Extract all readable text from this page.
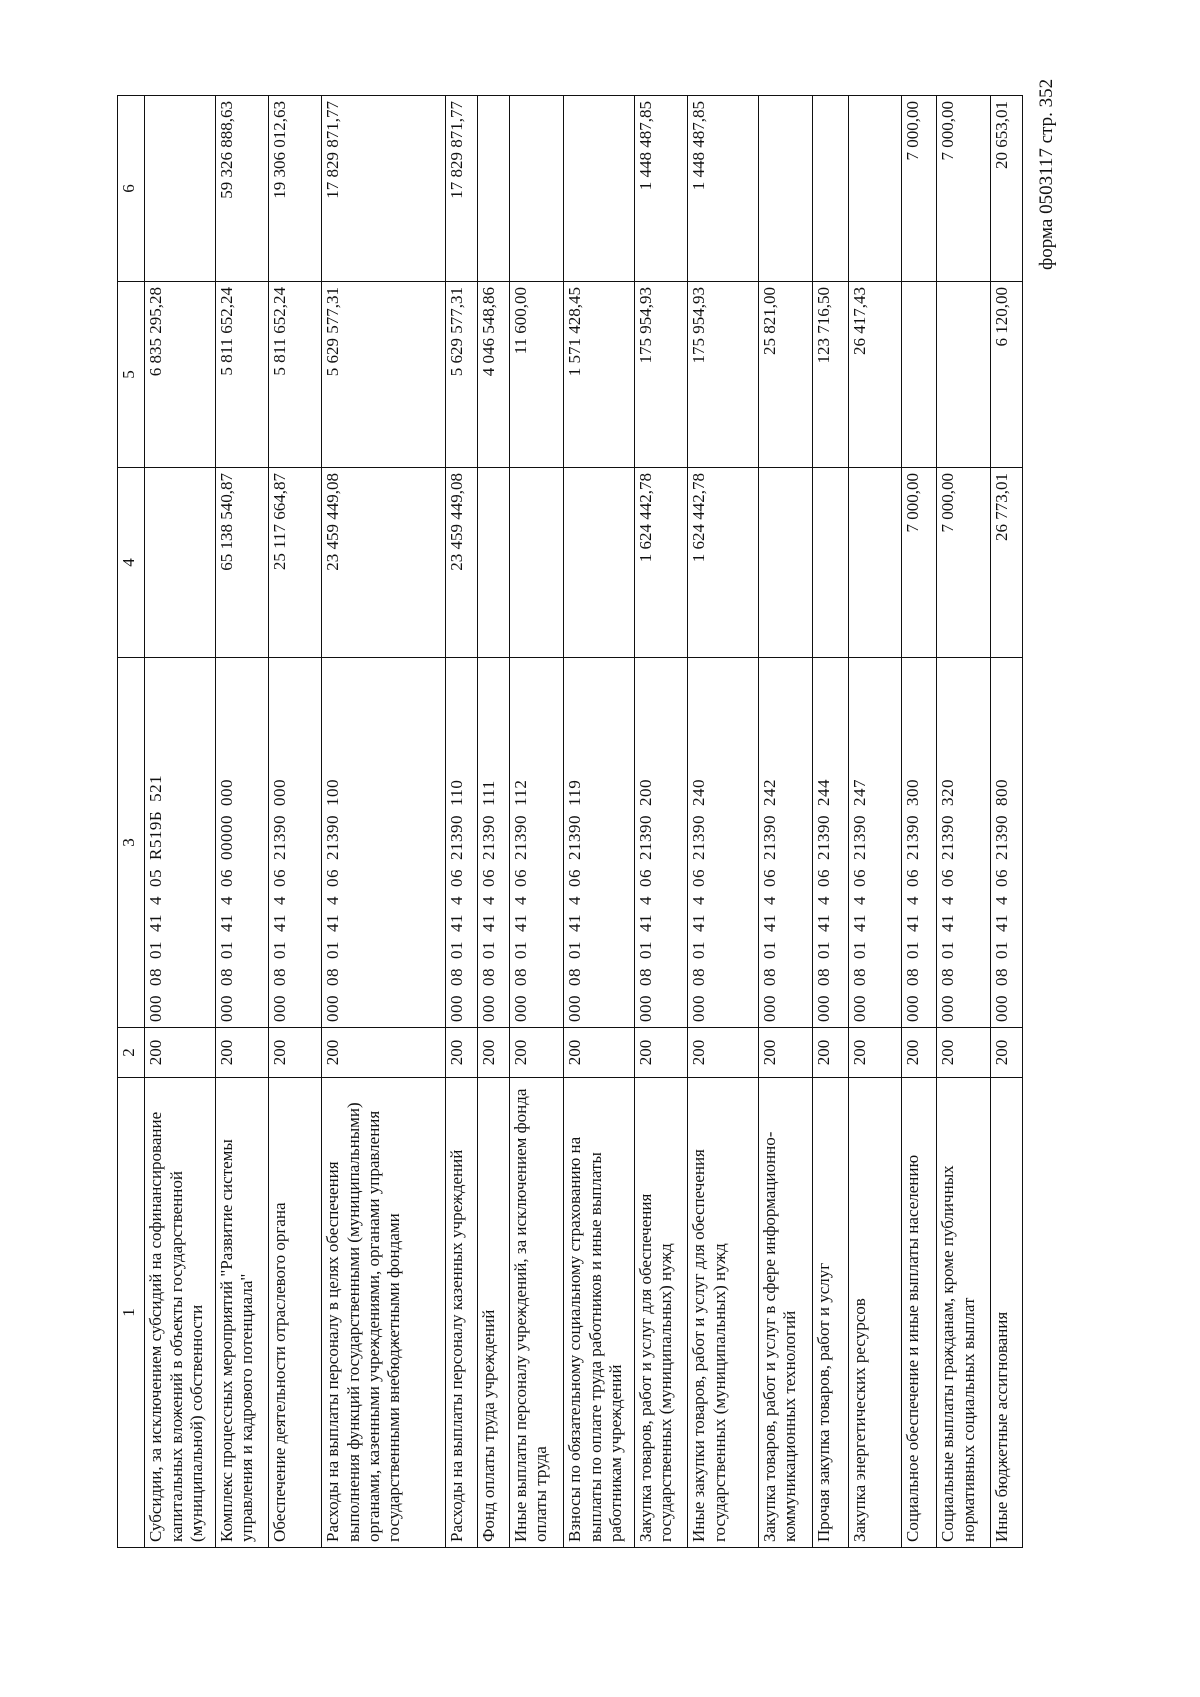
форма 0503117 стр. 352
1	2	3	4	5	6
Субсидии, за исключением субсидий на софинансирование капитальных вложений в объекты государственной (муниципальной) собственности	200	000080141405R519Б521		6 835 295,28	
Комплекс процессных мероприятий "Развитие системы управления и кадрового потенциала"	200	00008014140600000000	65 138 540,87	5 811 652,24	59 326 888,63
Обеспечение деятельности отраслевого органа	200	00008014140621390000	25 117 664,87	5 811 652,24	19 306 012,63
Расходы на выплаты персоналу в целях обеспечения выполнения функций государственными (муниципальными) органами, казенными учреждениями, органами управления государственными внебюджетными фондами	200	00008014140621390100	23 459 449,08	5 629 577,31	17 829 871,77
Расходы на выплаты персоналу казенных учреждений	200	00008014140621390110	23 459 449,08	5 629 577,31	17 829 871,77
Фонд оплаты труда учреждений	200	00008014140621390111		4 046 548,86	
Иные выплаты персоналу учреждений, за исключением фонда оплаты труда	200	00008014140621390112		11 600,00	
Взносы по обязательному социальному страхованию на выплаты по оплате труда работников и иные выплаты работникам учреждений	200	00008014140621390119		1 571 428,45	
Закупка товаров, работ и услуг для обеспечения государственных (муниципальных) нужд	200	00008014140621390200	1 624 442,78	175 954,93	1 448 487,85
Иные закупки товаров, работ и услуг для обеспечения государственных (муниципальных) нужд	200	00008014140621390240	1 624 442,78	175 954,93	1 448 487,85
Закупка товаров, работ и услуг в сфере информационно-коммуникационных технологий	200	00008014140621390242		25 821,00	
Прочая закупка товаров, работ и услуг	200	00008014140621390244		123 716,50	
Закупка энергетических ресурсов	200	00008014140621390247		26 417,43	
Социальное обеспечение и иные выплаты населению	200	00008014140621390300	7 000,00		7 000,00
Социальные выплаты гражданам, кроме публичных нормативных социальных выплат	200	00008014140621390320	7 000,00		7 000,00
Иные бюджетные ассигнования	200	00008014140621390800	26 773,01	6 120,00	20 653,01
